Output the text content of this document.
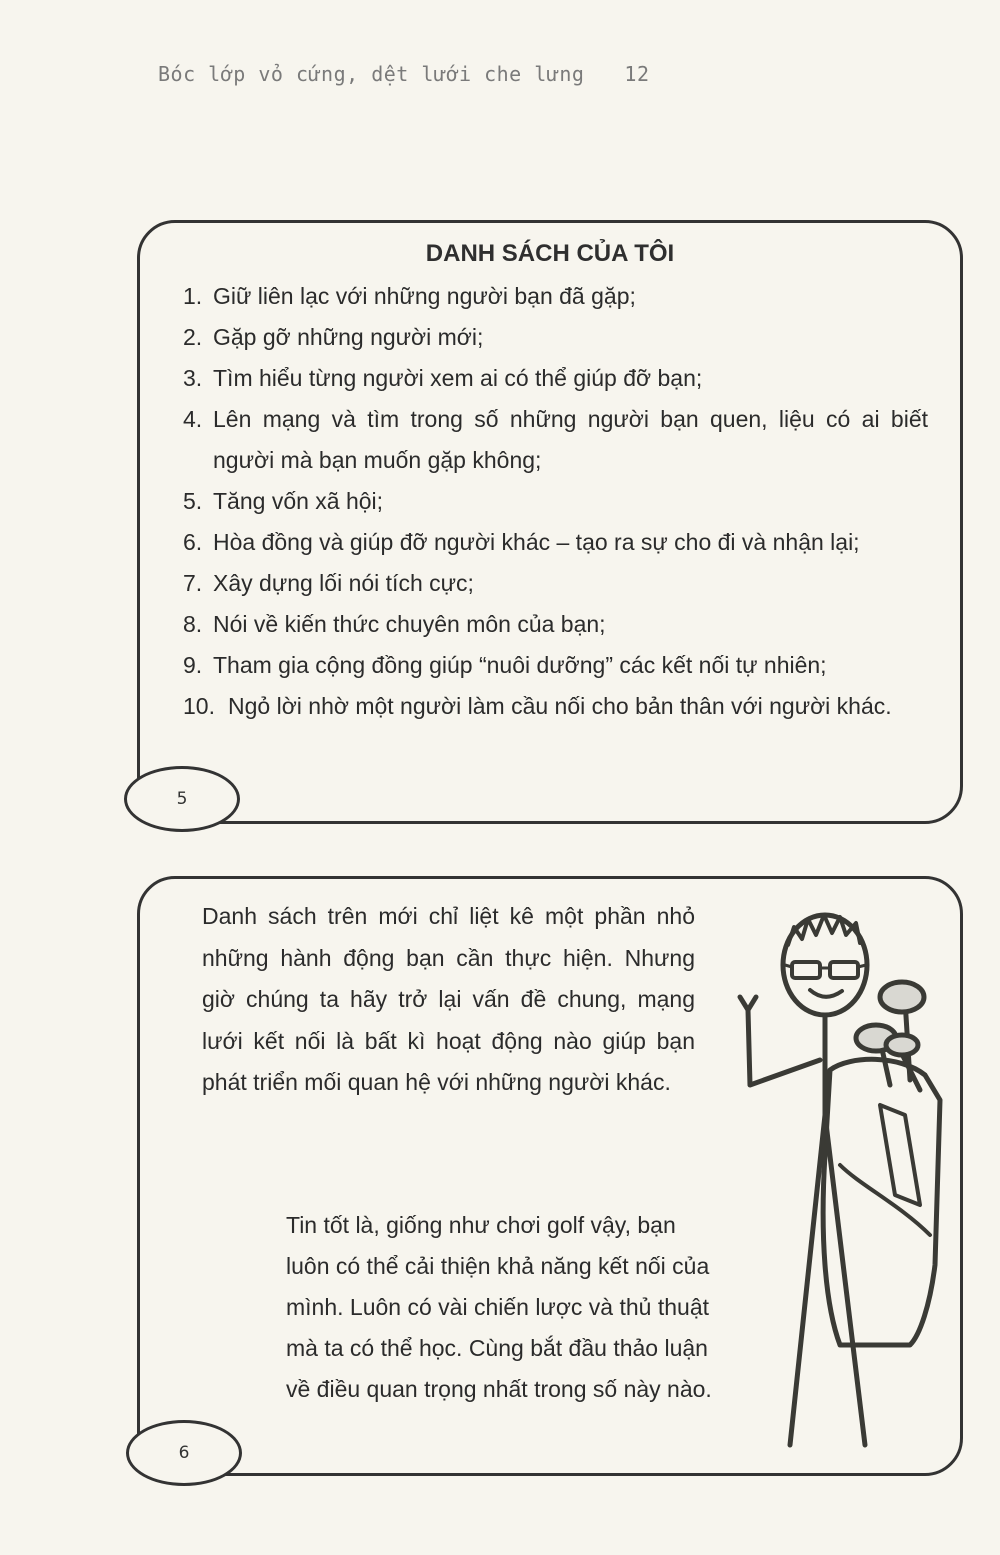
Bóc lớp vỏ cứng, dệt lưới che lưng 12
DANH SÁCH CỦA TÔI
1. Giữ liên lạc với những người bạn đã gặp;
2. Gặp gỡ những người mới;
3. Tìm hiểu từng người xem ai có thể giúp đỡ bạn;
4. Lên mạng và tìm trong số những người bạn quen, liệu có ai biết người mà bạn muốn gặp không;
5. Tăng vốn xã hội;
6. Hòa đồng và giúp đỡ người khác – tạo ra sự cho đi và nhận lại;
7. Xây dựng lối nói tích cực;
8. Nói về kiến thức chuyên môn của bạn;
9. Tham gia cộng đồng giúp “nuôi dưỡng” các kết nối tự nhiên;
10. Ngỏ lời nhờ một người làm cầu nối cho bản thân với người khác.
5

Danh sách trên mới chỉ liệt kê một phần nhỏ những hành động bạn cần thực hiện. Nhưng giờ chúng ta hãy trở lại vấn đề chung, mạng lưới kết nối là bất kì hoạt động nào giúp bạn phát triển mối quan hệ với những người khác.

Tin tốt là, giống như chơi golf vậy, bạn luôn có thể cải thiện khả năng kết nối của mình. Luôn có vài chiến lược và thủ thuật mà ta có thể học. Cùng bắt đầu thảo luận về điều quan trọng nhất trong số này nào.

6
